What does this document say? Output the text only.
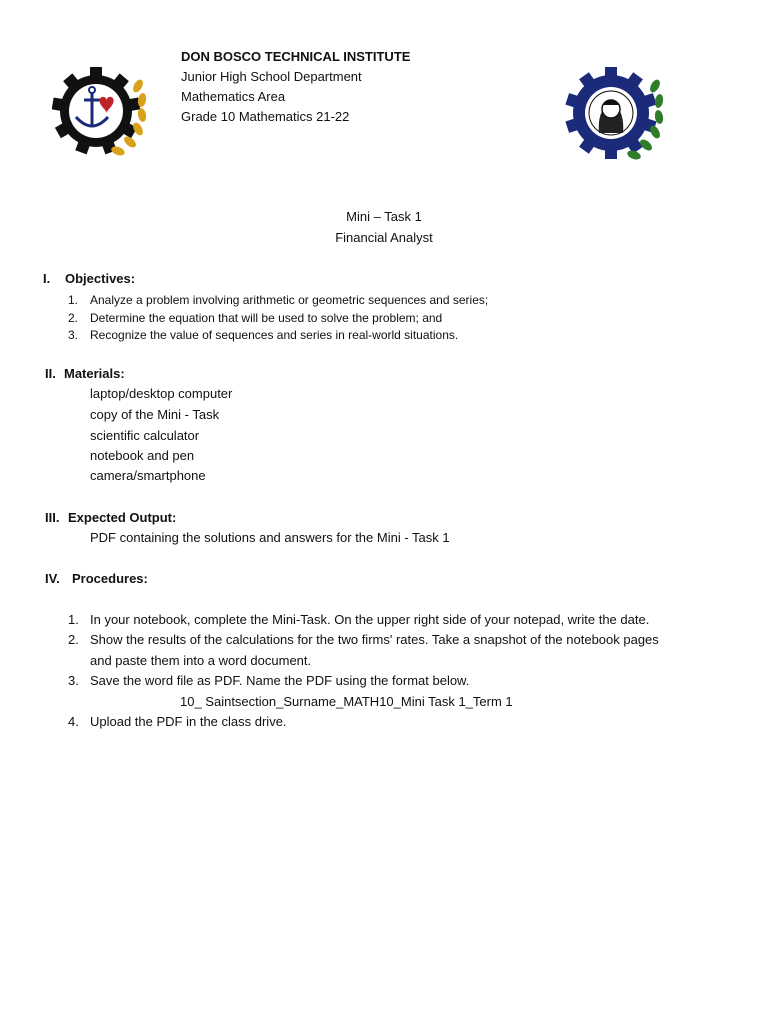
DON BOSCO TECHNICAL INSTITUTE
Junior High School Department
Mathematics Area
Grade 10 Mathematics 21-22
Mini – Task 1
Financial Analyst
I. Objectives:
1. Analyze a problem involving arithmetic or geometric sequences and series;
2. Determine the equation that will be used to solve the problem; and
3. Recognize the value of sequences and series in real-world situations.
II. Materials:
laptop/desktop computer
copy of the Mini - Task
scientific calculator
notebook and pen
camera/smartphone
III. Expected Output:
PDF containing the solutions and answers for the Mini - Task 1
IV. Procedures:
1. In your notebook, complete the Mini-Task. On the upper right side of your notepad, write the date.
2. Show the results of the calculations for the two firms' rates. Take a snapshot of the notebook pages
and paste them into a word document.
3. Save the word file as PDF. Name the PDF using the format below.
10_ Saintsection_Surname_MATH10_Mini Task 1_Term 1
4. Upload the PDF in the class drive.
